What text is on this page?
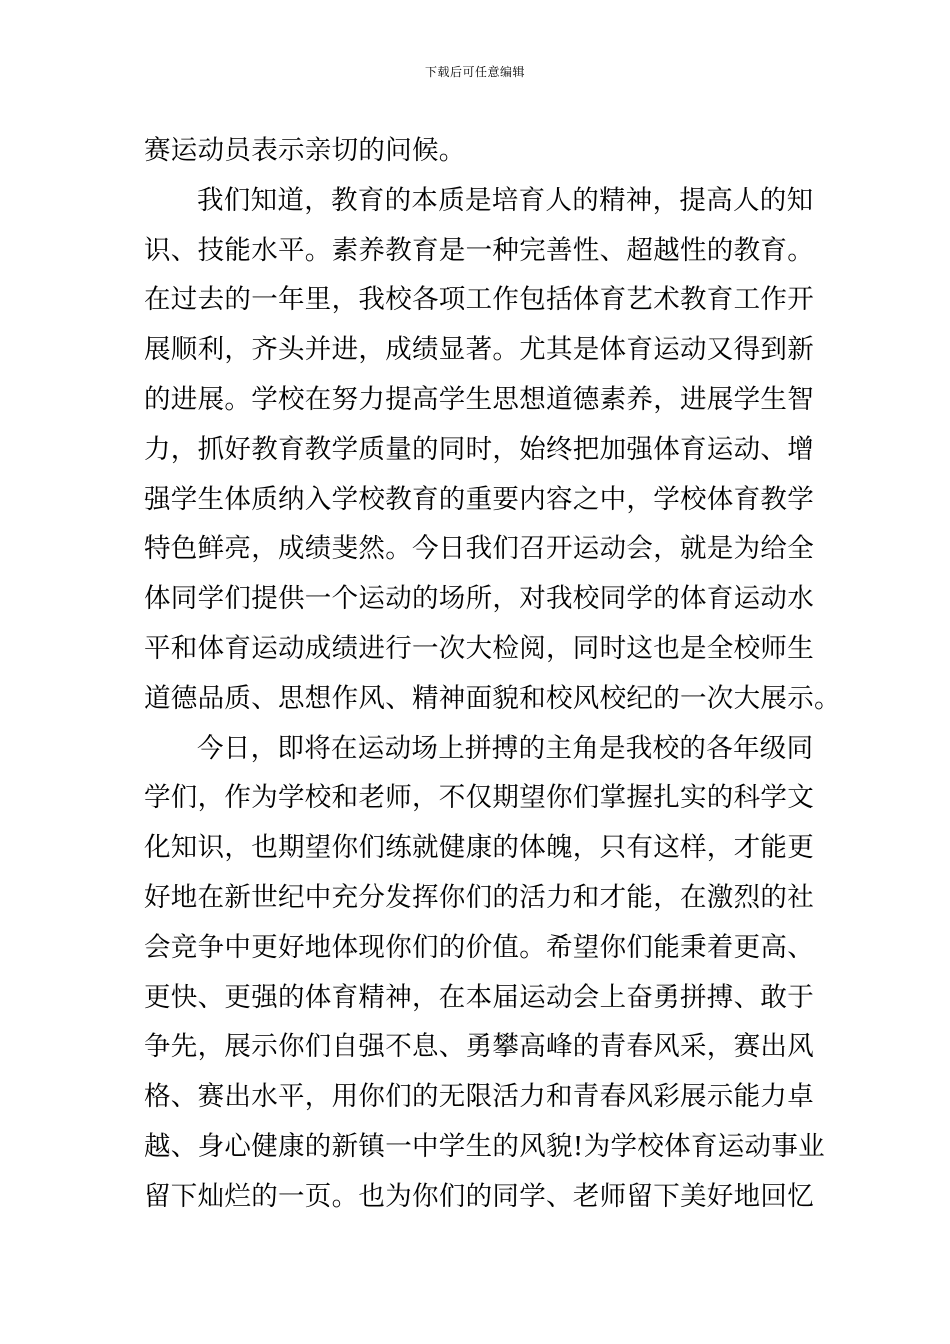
下载后可任意编辑
赛运动员表示亲切的问候。
我们知道，教育的本质是培育人的精神，提高人的知
识、技能水平。素养教育是一种完善性、超越性的教育。
在过去的一年里，我校各项工作包括体育艺术教育工作开
展顺利，齐头并进，成绩显著。尤其是体育运动又得到新
的进展。学校在努力提高学生思想道德素养，进展学生智
力，抓好教育教学质量的同时，始终把加强体育运动、增
强学生体质纳入学校教育的重要内容之中，学校体育教学
特色鲜亮，成绩斐然。今日我们召开运动会，就是为给全
体同学们提供一个运动的场所，对我校同学的体育运动水
平和体育运动成绩进行一次大检阅，同时这也是全校师生
道德品质、思想作风、精神面貌和校风校纪的一次大展示。
今日，即将在运动场上拼搏的主角是我校的各年级同
学们，作为学校和老师，不仅期望你们掌握扎实的科学文
化知识，也期望你们练就健康的体魄，只有这样，才能更
好地在新世纪中充分发挥你们的活力和才能，在激烈的社
会竞争中更好地体现你们的价值。希望你们能秉着更高、
更快、更强的体育精神，在本届运动会上奋勇拼搏、敢于
争先，展示你们自强不息、勇攀高峰的青春风采，赛出风
格、赛出水平，用你们的无限活力和青春风彩展示能力卓
越、身心健康的新镇一中学生的风貌!为学校体育运动事业
留下灿烂的一页。也为你们的同学、老师留下美好地回忆
